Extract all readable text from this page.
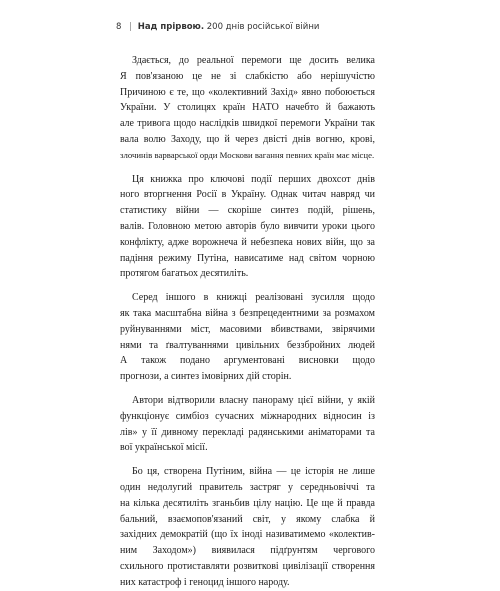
8 | Над прірвою. 200 днів російської війни
Здається, до реальної перемоги ще досить велика
Я пов'язаною це не зі слабкістю або нерішучістю
Причиною є те, що «колективний Захід» явно побоюється
України. У столицях країн НАТО начебто й бажають
але тривога щодо наслідків швидкої перемоги України так
вала волю Заходу, що й через двісті днів вогню, крові,
злочинів варварської орди Москови вагання певних країн має місце.
Ця книжка про ключові події перших двохсот днів
ного вторгнення Росії в Україну. Однак читач навряд чи
статистику війни — скоріше синтез подій, рішень,
валів. Головною метою авторів було вивчити уроки цього
конфлікту, адже ворожнеча й небезпека нових війн, що за
падіння режиму Путіна, нависатиме над світом чорною
протягом багатьох десятиліть.
Серед іншого в книжці реалізовані зусилля щодо
як така масштабна війна з безпрецедентними за розмахом
руйнуваннями міст, масовими вбивствами, звірячими
нями та ґвалтуваннями цивільних беззбройних людей
А також подано аргументовані висновки щодо
прогнози, а синтез імовірних дій сторін.
Автори відтворили власну панораму цієї війни, у якій
функціонує симбіоз сучасних міжнародних відносин із
лів» у її дивному перекладі радянськими аніматорами та
вої української місії.
Бо ця, створена Путіним, війна — це історія не лише
один недолугий правитель застряг у середньовіччі та
на кілька десятиліть зганьбив цілу націю. Це ще й правда
бальний, взаємопов'язаний світ, у якому слабка й
західних демократій (що їх іноді називатимемо «колектив-
ним Заходом») виявилася підґрунтям чергового
схильного протиставляти розвиткові цивілізації створення
них катастроф і геноцид іншого народу.
